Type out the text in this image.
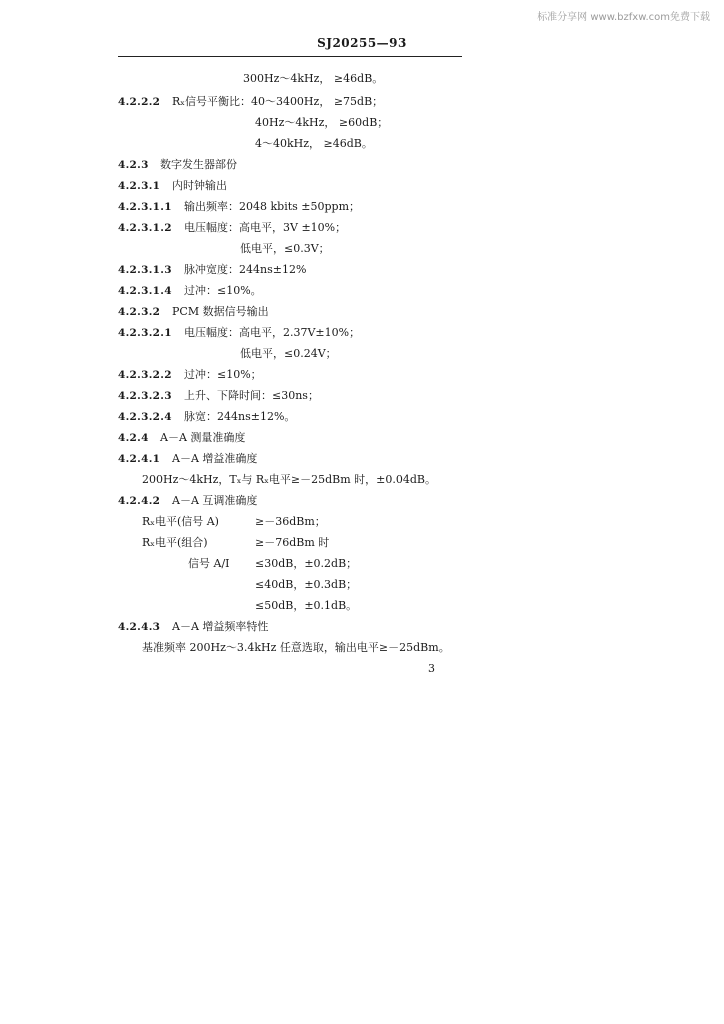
标准分享网 www.bzfxw.com免费下载
SJ20255—93
300Hz～4kHz， ≥46dB。
4.2.2.2 Rₓ信号平衡比：40～3400Hz， ≥75dB；
40Hz～4kHz， ≥60dB；
4～40kHz， ≥46dB。
4.2.3 数字发生器部份
4.2.3.1 内时钟输出
4.2.3.1.1 输出频率：2048 kbits ±50ppm；
4.2.3.1.2 电压幅度：高电平，3V ±10%；
低电平，≤0.3V；
4.2.3.1.3 脉冲宽度：244ns±12%
4.2.3.1.4 过冲：≤10%。
4.2.3.2 PCM 数据信号输出
4.2.3.2.1 电压幅度：高电平，2.37V±10%；
低电平，≤0.24V；
4.2.3.2.2 过冲：≤10%；
4.2.3.2.3 上升、下降时间：≤30ns；
4.2.3.2.4 脉宽：244ns±12%。
4.2.4 A－A 测量准确度
4.2.4.1 A－A 增益准确度
200Hz～4kHz，Tₓ与 Rₓ电平≥－25dBm 时，±0.04dB。
4.2.4.2 A－A 互调准确度
Rₓ电平(信号 A)	≥－36dBm；
Rₓ电平(组合)	≥－76dBm 时
信号 A/I ≤30dB，±0.2dB；
≤40dB，±0.3dB；
≤50dB，±0.1dB。
4.2.4.3 A－A 增益频率特性
基准频率 200Hz～3.4kHz 任意选取，输出电平≥－25dBm。
3
